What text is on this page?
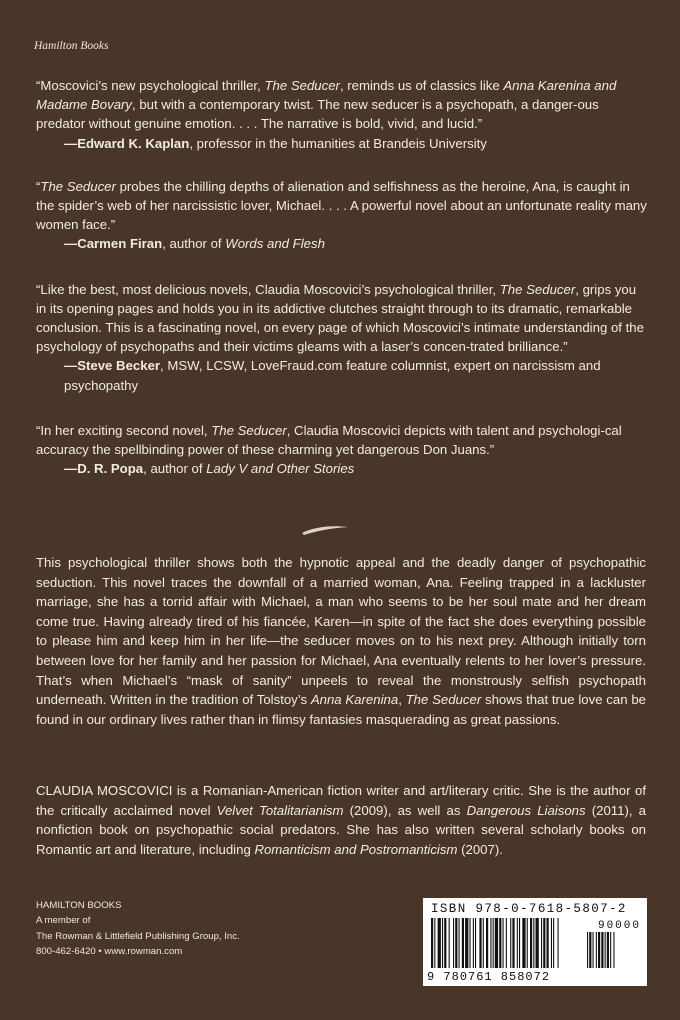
Hamilton Books

“Moscovici’s new psychological thriller, The Seducer, reminds us of classics like Anna Karenina and Madame Bovary, but with a contemporary twist. The new seducer is a psychopath, a danger-ous predator without genuine emotion. . . . The narrative is bold, vivid, and lucid.”

—Edward K. Kaplan, professor in the humanities at Brandeis University

“The Seducer probes the chilling depths of alienation and selfishness as the heroine, Ana, is caught in the spider’s web of her narcissistic lover, Michael. . . . A powerful novel about an unfortunate reality many women face.”

—Carmen Firan, author of Words and Flesh

“Like the best, most delicious novels, Claudia Moscovici’s psychological thriller, The Seducer, grips you in its opening pages and holds you in its addictive clutches straight through to its dramatic, remarkable conclusion. This is a fascinating novel, on every page of which Moscovici’s intimate understanding of the psychology of psychopaths and their victims gleams with a laser’s concen-trated brilliance.”

—Steve Becker, MSW, LCSW, LoveFraud.com feature columnist, expert on narcissism and psychopathy

“In her exciting second novel, The Seducer, Claudia Moscovici depicts with talent and psychologi-cal accuracy the spellbinding power of these charming yet dangerous Don Juans.”

—D. R. Popa, author of Lady V and Other Stories

This psychological thriller shows both the hypnotic appeal and the deadly danger of psychopathic seduction. This novel traces the downfall of a married woman, Ana. Feeling trapped in a lackluster marriage, she has a torrid affair with Michael, a man who seems to be her soul mate and her dream come true. Having already tired of his fiancée, Karen—in spite of the fact she does everything possible to please him and keep him in her life—the seducer moves on to his next prey. Although initially torn between love for her family and her passion for Michael, Ana eventually relents to her lover’s pressure. That’s when Michael’s “mask of sanity” unpeels to reveal the monstrously selfish psychopath underneath. Written in the tradition of Tolstoy’s Anna Karenina, The Seducer shows that true love can be found in our ordinary lives rather than in flimsy fantasies masquerading as great passions.

CLAUDIA MOSCOVICI is a Romanian-American fiction writer and art/literary critic. She is the author of the critically acclaimed novel Velvet Totalitarianism (2009), as well as Dangerous Liaisons (2011), a nonfiction book on psychopathic social predators. She has also written several scholarly books on Romantic art and literature, including Romanticism and Postromanticism (2007).

HAMILTON BOOKS
A member of
The Rowman & Littlefield Publishing Group, Inc.
800-462-6420 • www.rowman.com
ISBN 978-0-7618-5807-2
90000
9 780761 858072
